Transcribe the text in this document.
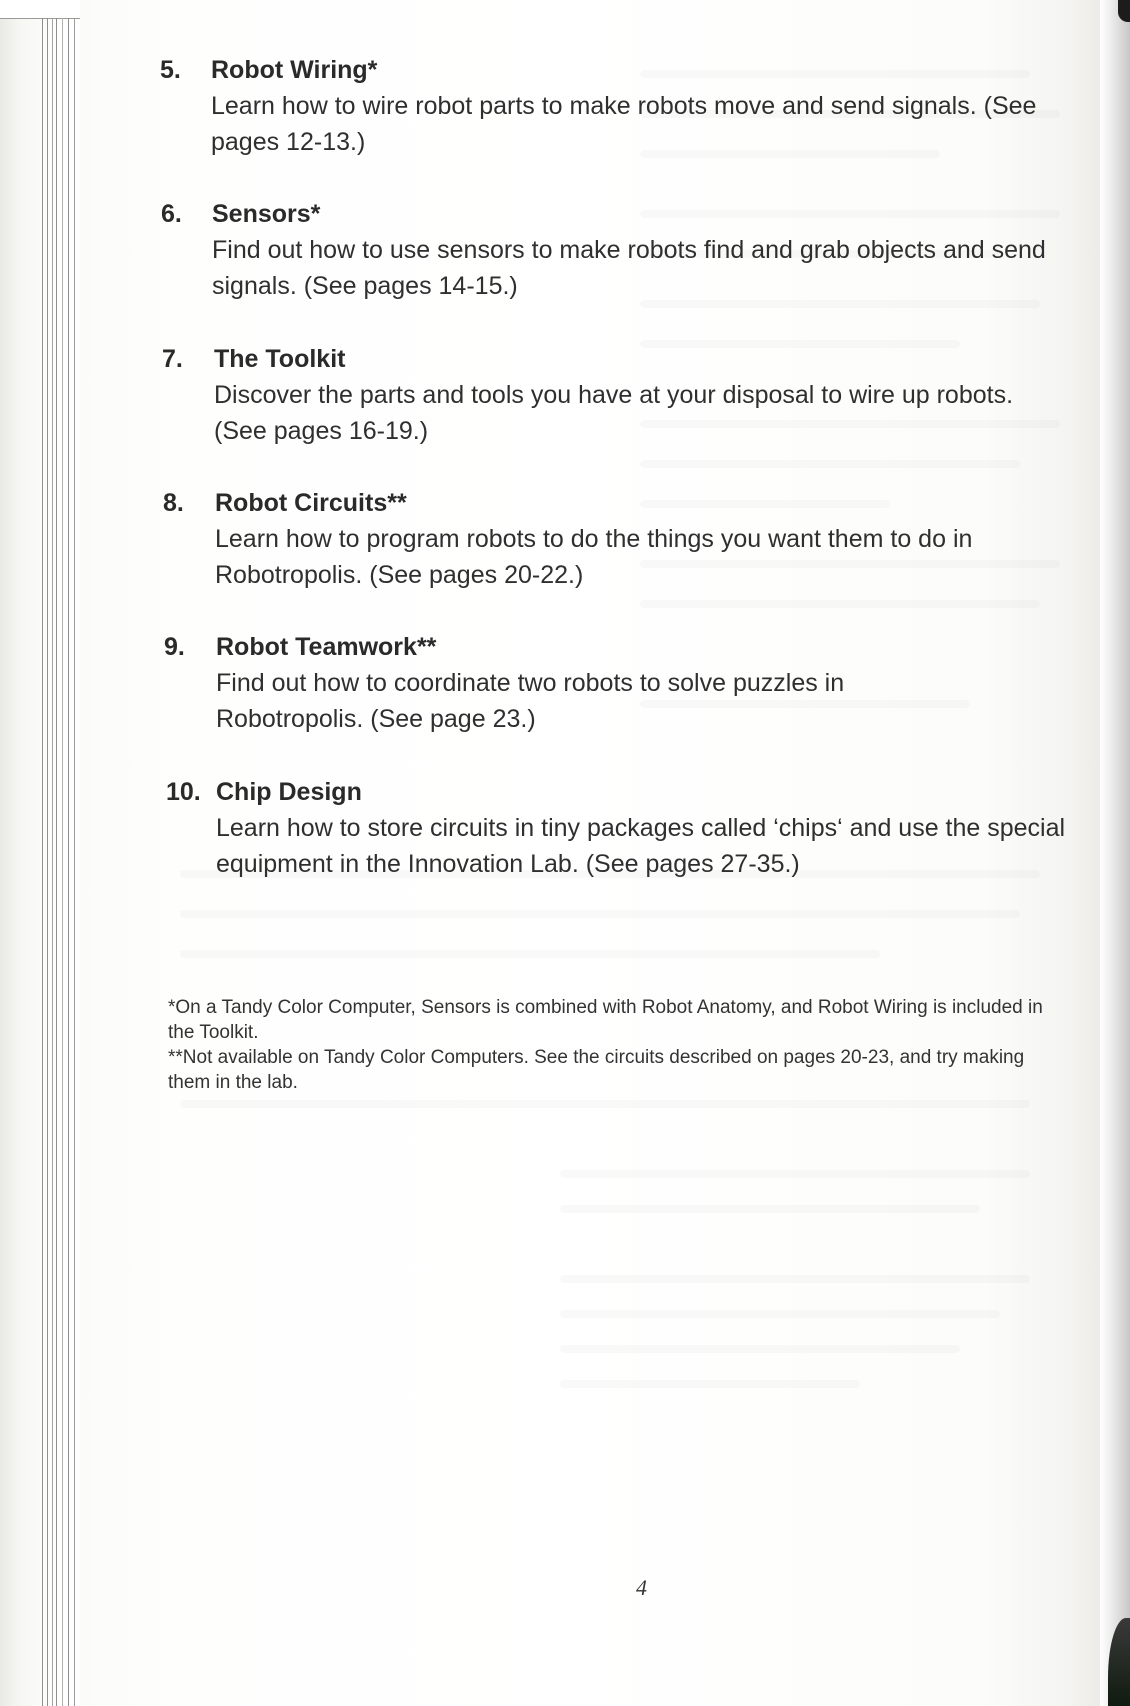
5. Robot Wiring*
Learn how to wire robot parts to make robots move and send signals. (See pages 12-13.)
6. Sensors*
Find out how to use sensors to make robots find and grab objects and send signals. (See pages 14-15.)
7. The Toolkit
Discover the parts and tools you have at your disposal to wire up robots. (See pages 16-19.)
8. Robot Circuits**
Learn how to program robots to do the things you want them to do in Robotropolis. (See pages 20-22.)
9. Robot Teamwork**
Find out how to coordinate two robots to solve puzzles in Robotropolis. (See page 23.)
10. Chip Design
Learn how to store circuits in tiny packages called ‘chips‘ and use the special equipment in the Innovation Lab. (See pages 27-35.)

*On a Tandy Color Computer, Sensors is combined with Robot Anatomy, and Robot Wiring is included in the Toolkit.

**Not available on Tandy Color Computers. See the circuits described on pages 20-23, and try making them in the lab.

4
